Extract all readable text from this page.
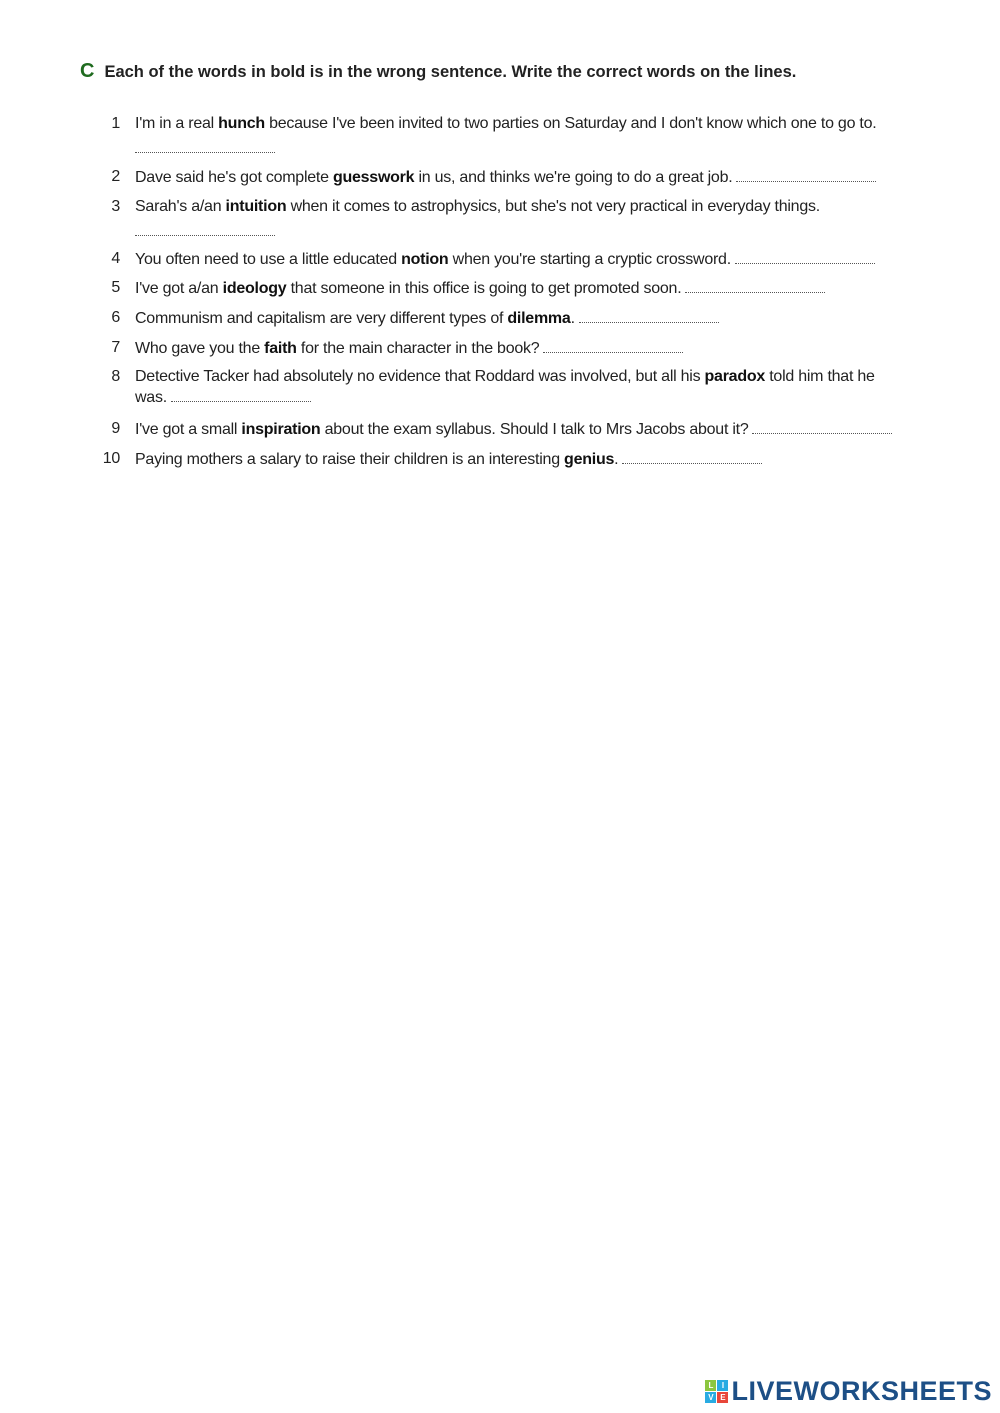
C Each of the words in bold is in the wrong sentence. Write the correct words on the lines.
1 I'm in a real hunch because I've been invited to two parties on Saturday and I don't know which one to go to.
2 Dave said he's got complete guesswork in us, and thinks we're going to do a great job.
3 Sarah's a/an intuition when it comes to astrophysics, but she's not very practical in everyday things.
4 You often need to use a little educated notion when you're starting a cryptic crossword.
5 I've got a/an ideology that someone in this office is going to get promoted soon.
6 Communism and capitalism are very different types of dilemma.
7 Who gave you the faith for the main character in the book?
8 Detective Tacker had absolutely no evidence that Roddard was involved, but all his paradox told him that he was.
9 I've got a small inspiration about the exam syllabus. Should I talk to Mrs Jacobs about it?
10 Paying mothers a salary to raise their children is an interesting genius.
L	I
V E LIVEWORKSHEETS
